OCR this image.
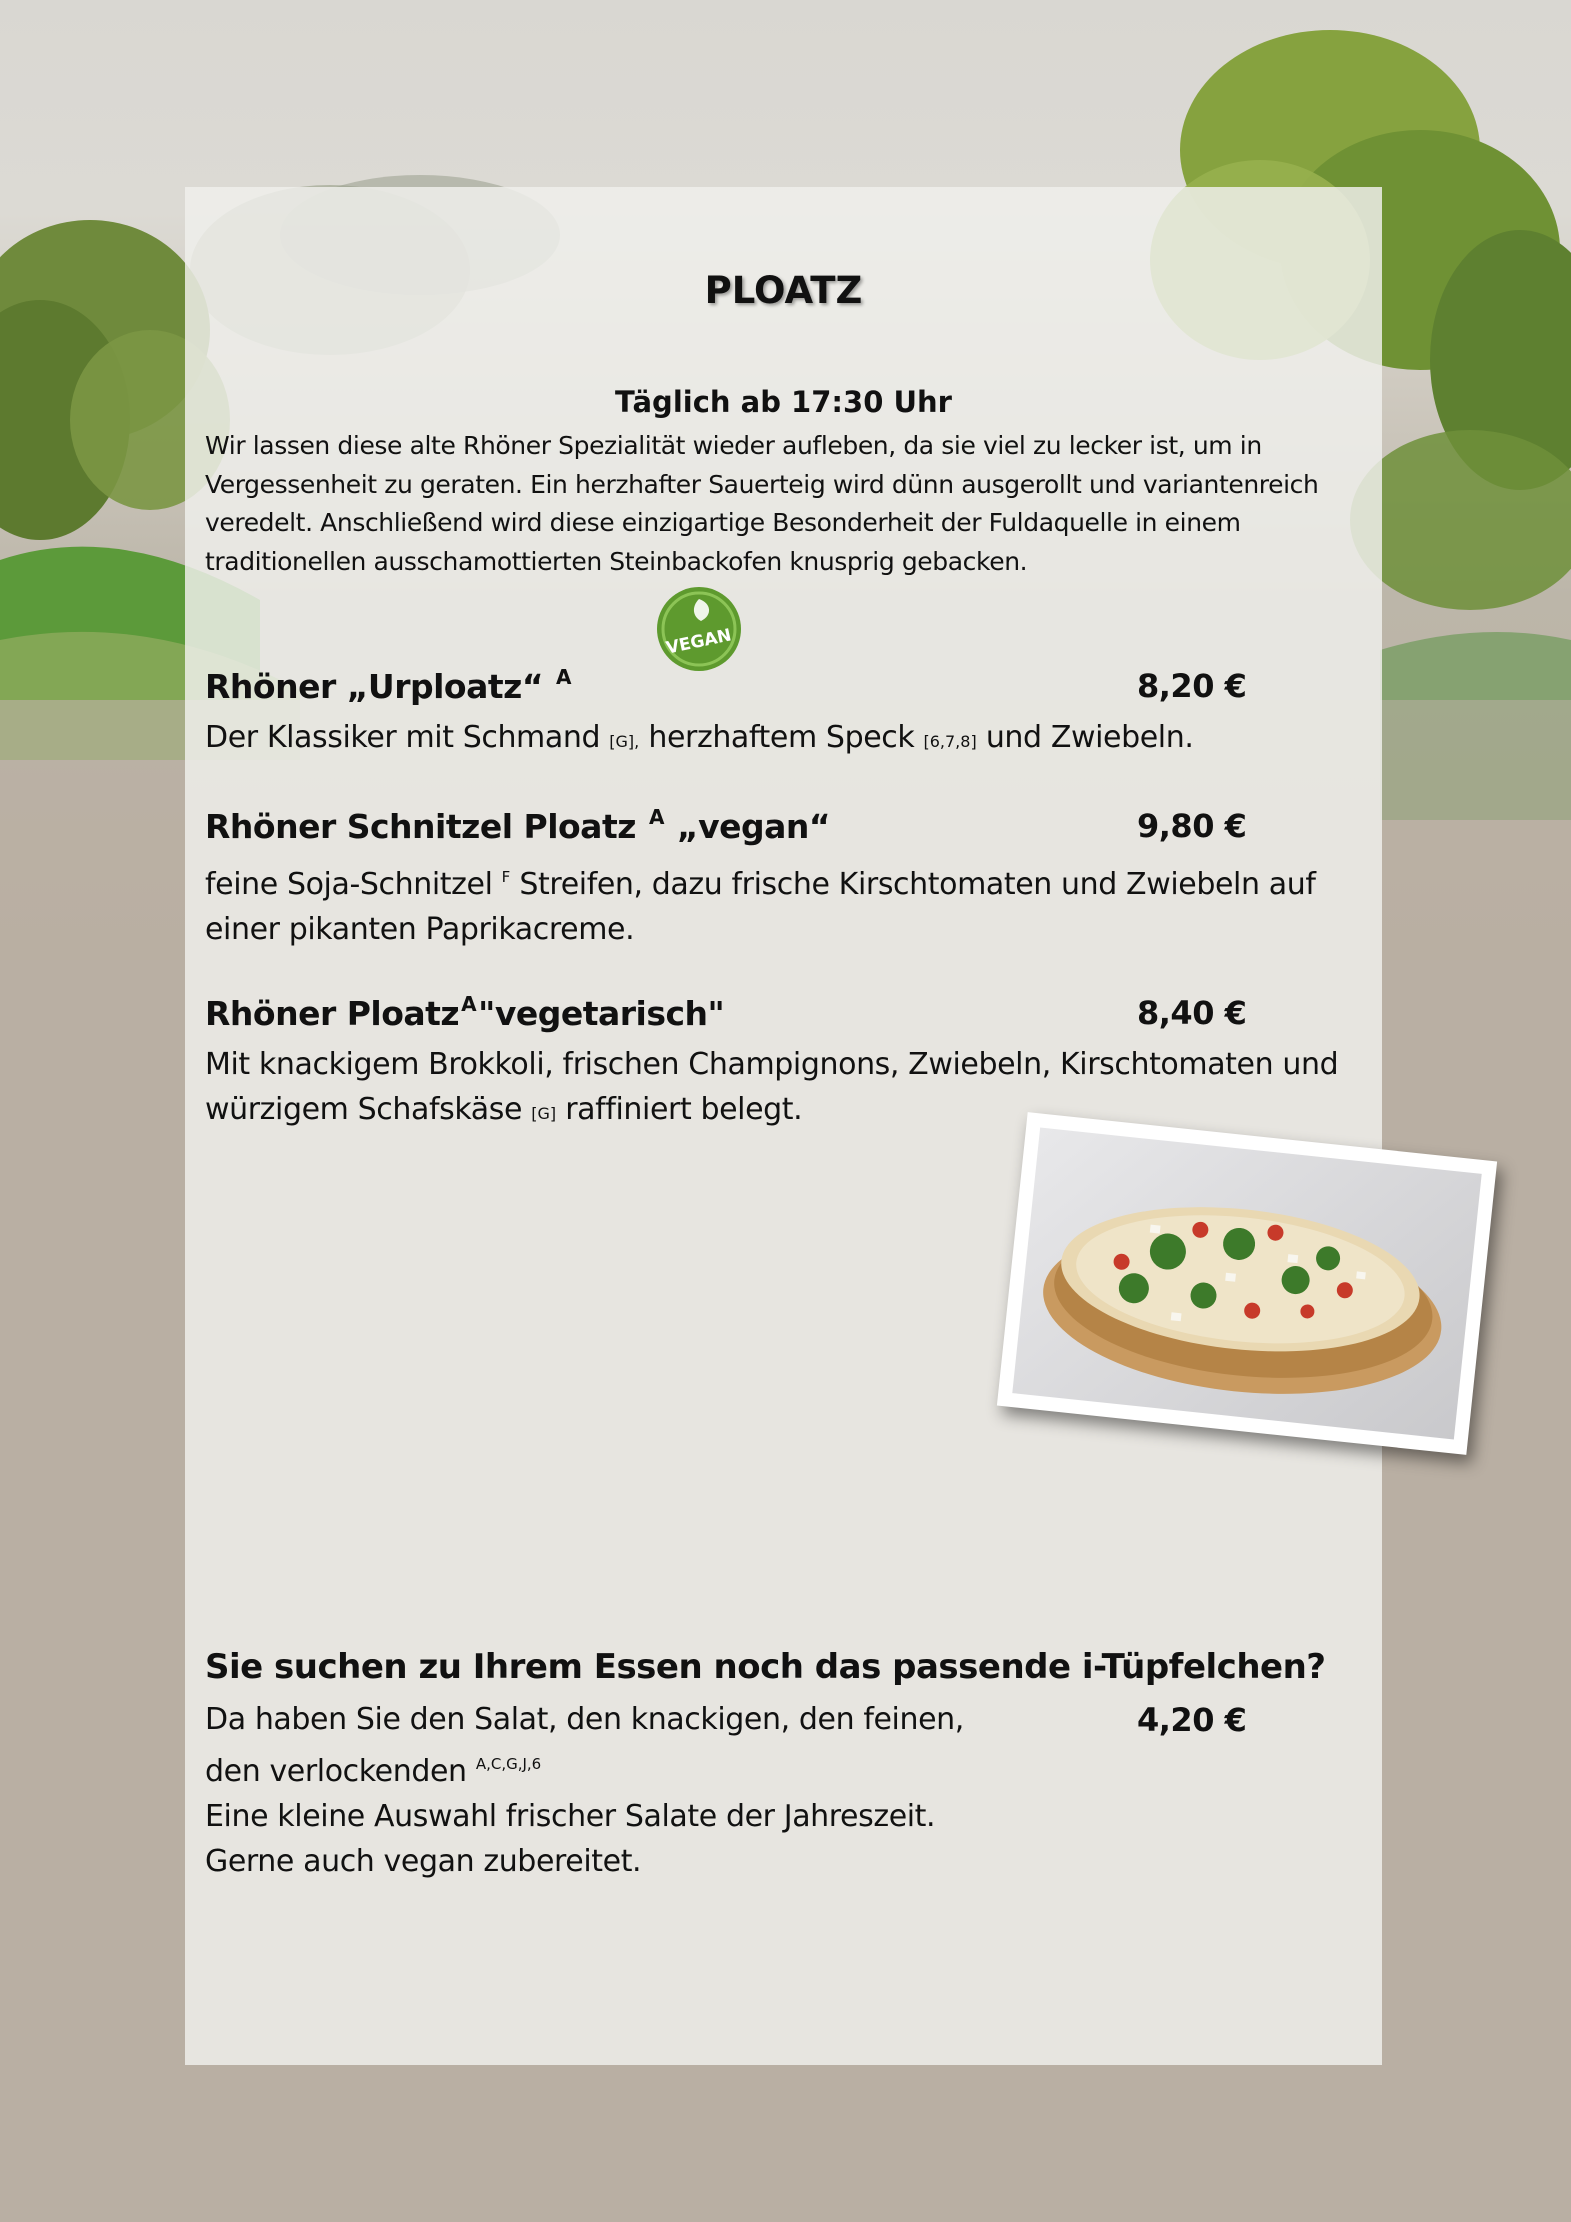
PLOATZ
Täglich ab 17:30 Uhr
Wir lassen diese alte Rhöner Spezialität wieder aufleben, da sie viel zu lecker ist, um in Vergessenheit zu geraten. Ein herzhafter Sauerteig wird dünn ausgerollt und variantenreich veredelt. Anschließend wird diese einzigartige Besonderheit der Fuldaquelle in einem traditionellen ausschamottierten Steinbackofen knusprig gebacken.
Rhöner „Urploatz“ $^A$	8,20 €
Der Klassiker mit Schmand [G], herzhaftem Speck [6,7,8] und Zwiebeln.
Rhöner Schnitzel Ploatz $^A$ „vegan“	9,80 €
feine Soja-Schnitzel $^F$ Streifen, dazu frische Kirschtomaten und Zwiebeln auf einer pikanten Paprikacreme.
Rhöner Ploatz $^A$"vegetarisch"	8,40 €
Mit knackigem Brokkoli, frischen Champignons, Zwiebeln, Kirschtomaten und würzigem Schafskäse [G] raffiniert belegt.
Sie suchen zu Ihrem Essen noch das passende i-Tüpfelchen?
4,20 €
Da haben Sie den Salat, den knackigen, den feinen,
den verlockenden $^{A,C,G,J,6}$
Eine kleine Auswahl frischer Salate der Jahreszeit.
Gerne auch vegan zubereitet.
VEGAN
